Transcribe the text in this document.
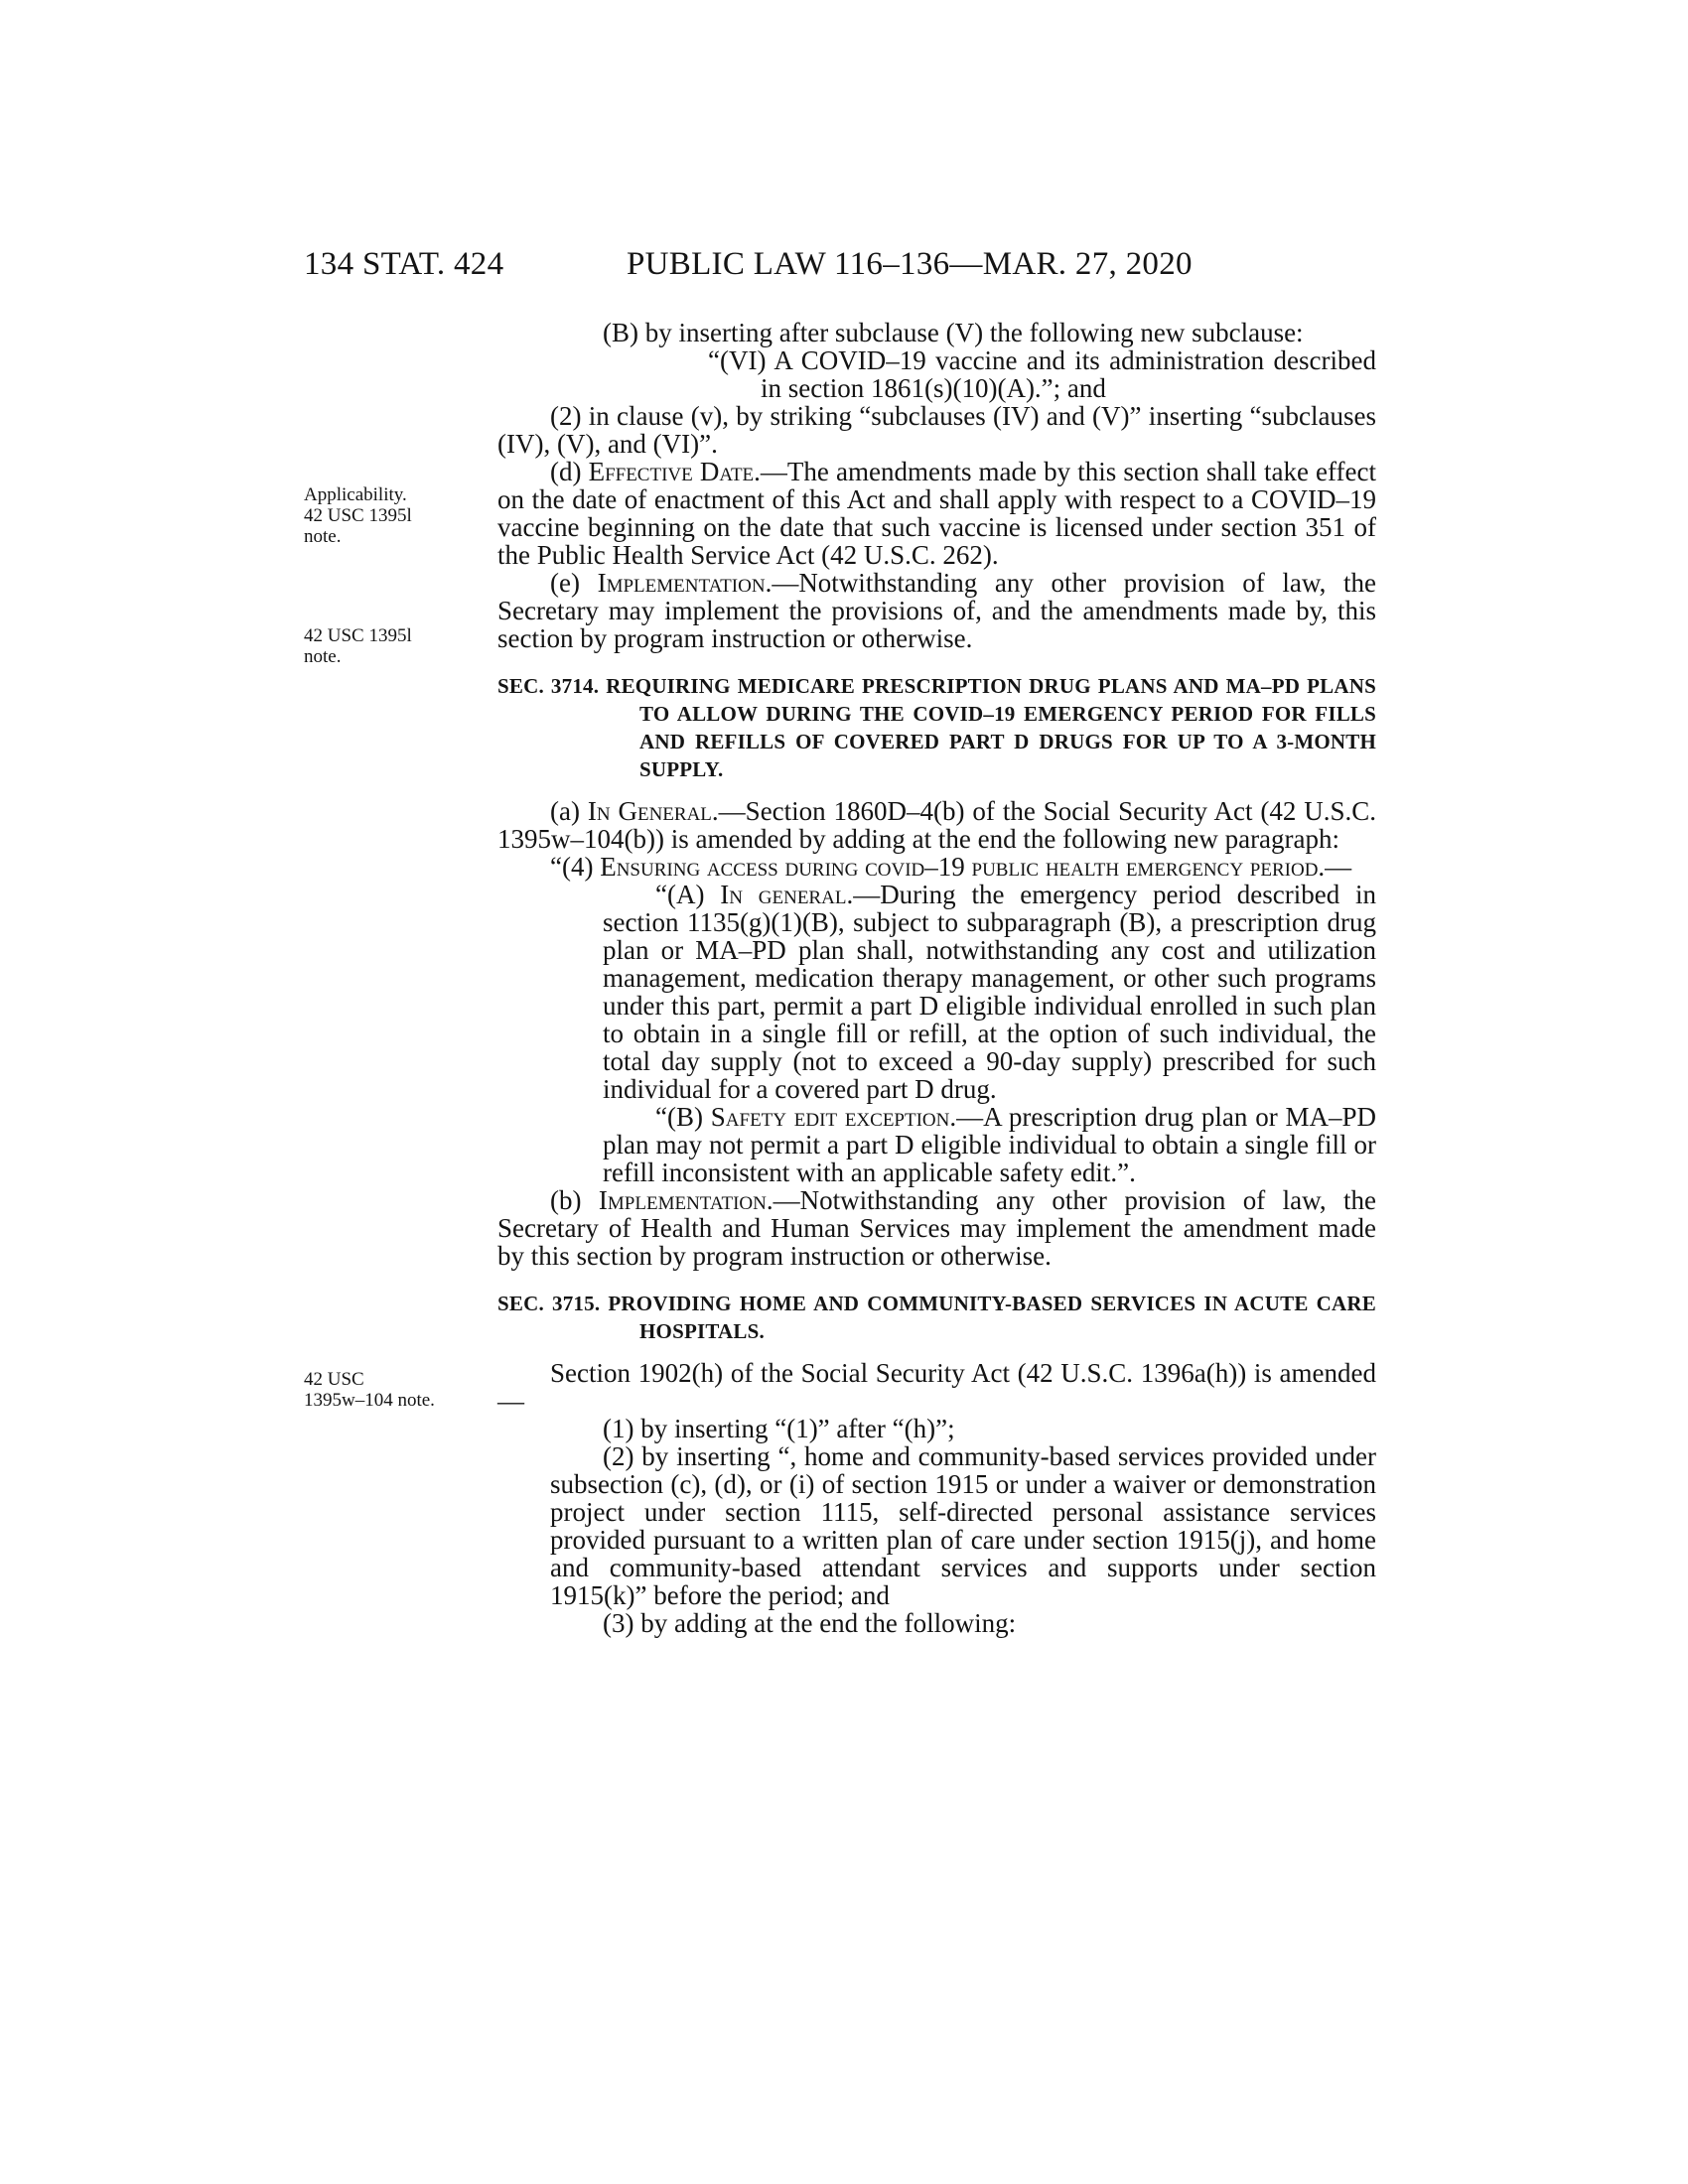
134 STAT. 424	PUBLIC LAW 116–136—MAR. 27, 2020
Applicability.
42 USC 1395l
note.
42 USC 1395l
note.
42 USC
1395w–104 note.

(B) by inserting after subclause (V) the following new subclause:

“(VI) A COVID–19 vaccine and its administration described in section 1861(s)(10)(A).”; and

(2) in clause (v), by striking “subclauses (IV) and (V)” inserting “subclauses (IV), (V), and (VI)”.

(d) Effective Date.—The amendments made by this section shall take effect on the date of enactment of this Act and shall apply with respect to a COVID–19 vaccine beginning on the date that such vaccine is licensed under section 351 of the Public Health Service Act (42 U.S.C. 262).

(e) Implementation.—Notwithstanding any other provision of law, the Secretary may implement the provisions of, and the amendments made by, this section by program instruction or otherwise.

SEC. 3714. REQUIRING MEDICARE PRESCRIPTION DRUG PLANS AND MA–PD PLANS TO ALLOW DURING THE COVID–19 EMERGENCY PERIOD FOR FILLS AND REFILLS OF COVERED PART D DRUGS FOR UP TO A 3-MONTH SUPPLY.

(a) In General.—Section 1860D–4(b) of the Social Security Act (42 U.S.C. 1395w–104(b)) is amended by adding at the end the following new paragraph:

“(4) Ensuring access during covid–19 public health emergency period.—

“(A) In general.—During the emergency period described in section 1135(g)(1)(B), subject to subparagraph (B), a prescription drug plan or MA–PD plan shall, notwithstanding any cost and utilization management, medication therapy management, or other such programs under this part, permit a part D eligible individual enrolled in such plan to obtain in a single fill or refill, at the option of such individual, the total day supply (not to exceed a 90-day supply) prescribed for such individual for a covered part D drug.

“(B) Safety edit exception.—A prescription drug plan or MA–PD plan may not permit a part D eligible individual to obtain a single fill or refill inconsistent with an applicable safety edit.”.

(b) Implementation.—Notwithstanding any other provision of law, the Secretary of Health and Human Services may implement the amendment made by this section by program instruction or otherwise.

SEC. 3715. PROVIDING HOME AND COMMUNITY-BASED SERVICES IN ACUTE CARE HOSPITALS.

Section 1902(h) of the Social Security Act (42 U.S.C. 1396a(h)) is amended—

(1) by inserting “(1)” after “(h)”;

(2) by inserting “, home and community-based services provided under subsection (c), (d), or (i) of section 1915 or under a waiver or demonstration project under section 1115, self-directed personal assistance services provided pursuant to a written plan of care under section 1915(j), and home and community-based attendant services and supports under section 1915(k)” before the period; and

(3) by adding at the end the following:
